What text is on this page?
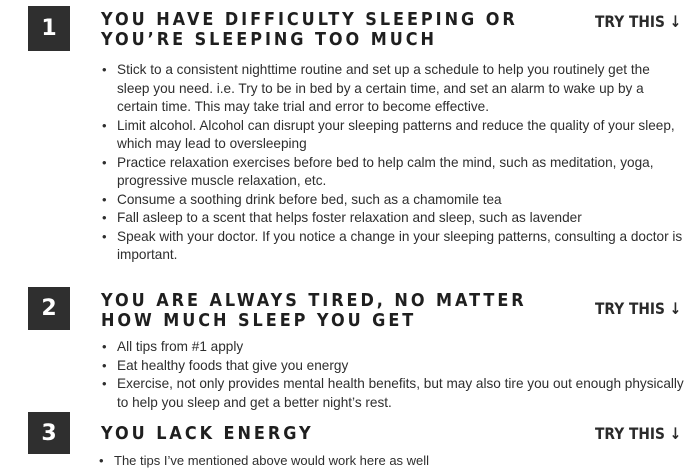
1	YOU HAVE DIFFICULTY SLEEPING OR YOU’RE SLEEPING TOO MUCH
TRY THIS ↓
• Stick to a consistent nighttime routine and set up a schedule to help you routinely get the sleep you need. i.e. Try to be in bed by a certain time, and set an alarm to wake up by a certain time. This may take trial and error to become effective.
• Limit alcohol. Alcohol can disrupt your sleeping patterns and reduce the quality of your sleep, which may lead to oversleeping
• Practice relaxation exercises before bed to help calm the mind, such as meditation, yoga, progressive muscle relaxation, etc.
• Consume a soothing drink before bed, such as a chamomile tea
• Fall asleep to a scent that helps foster relaxation and sleep, such as lavender
• Speak with your doctor. If you notice a change in your sleeping patterns, consulting a doctor is important.
2	YOU ARE ALWAYS TIRED, NO MATTER HOW MUCH SLEEP YOU GET
TRY THIS ↓
• All tips from #1 apply
• Eat healthy foods that give you energy
• Exercise, not only provides mental health benefits, but may also tire you out enough physically to help you sleep and get a better night’s rest.
3	YOU LACK ENERGY	TRY THIS ↓
• The tips I’ve mentioned above would work here as well
